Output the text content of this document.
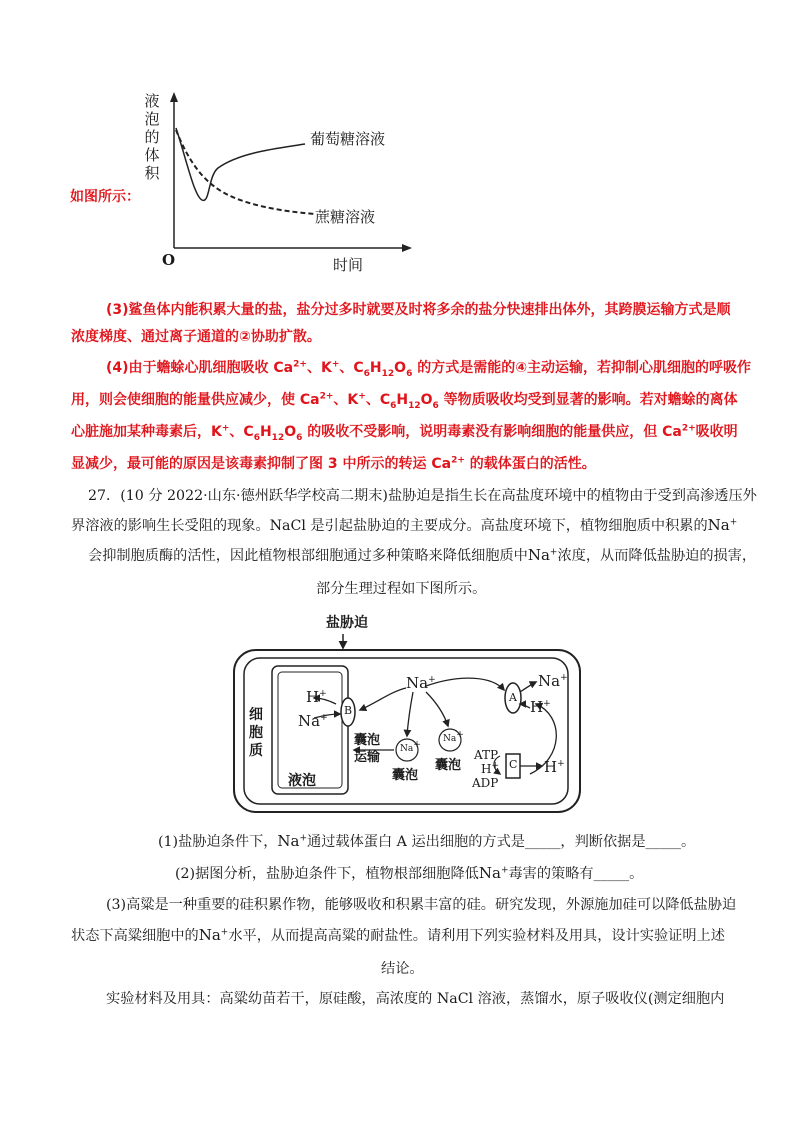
液
泡
的
体
积
葡萄糖溶液
蔗糖溶液
O	时间
如图所示：
(3)鲨鱼体内能积累大量的盐，盐分过多时就要及时将多余的盐分快速排出体外，其跨膜运输方式是顺
浓度梯度、通过离子通道的②协助扩散。
(4)由于蟾蜍心肌细胞吸收 $Ca^{2+}$、K+、$C_6H_{12}O_6$ 的方式是需能的④主动运输，若抑制心肌细胞的呼吸作
用，则会使细胞的能量供应减少，使 $Ca^{2+}$、K+、$C_6H_{12}O_6$ 等物质吸收均受到显著的影响。若对蟾蜍的离体
心脏施加某种毒素后，K+、$C_6H_{12}O_6$ 的吸收不受影响，说明毒素没有影响细胞的能量供应，但 $Ca^{2+}$吸收明
显减少，最可能的原因是该毒素抑制了图 3 中所示的转运 $Ca^{2+}$ 的载体蛋白的活性。
27．(10 分 2022·山东·德州跃华学校高二期末)盐胁迫是指生长在高盐度环境中的植物由于受到高渗透压外
界溶液的影响生长受阻的现象。NaCl 是引起盐胁迫的主要成分。高盐度环境下，植物细胞质中积累的Na+
会抑制胞质酶的活性，因此植物根部细胞通过多种策略来降低细胞质中Na+浓度，从而降低盐胁迫的损害，
部分生理过程如下图所示。
盐胁迫
细
胞
质
液泡
B
H+
Na+
Na+
Na+
Na+
囊泡
运输
囊泡
囊泡
A
Na+
H+
C
ATP
H+
ADP
H+
(1)盐胁迫条件下，Na+通过载体蛋白 A 运出细胞的方式是_____，判断依据是_____。
(2)据图分析，盐胁迫条件下，植物根部细胞降低Na+毒害的策略有_____。
(3)高粱是一种重要的硅积累作物，能够吸收和积累丰富的硅。研究发现，外源施加硅可以降低盐胁迫
状态下高粱细胞中的Na+水平，从而提高高粱的耐盐性。请利用下列实验材料及用具，设计实验证明上述
结论。
实验材料及用具：高粱幼苗若干，原硅酸，高浓度的 NaCl 溶液，蒸馏水，原子吸收仪(测定细胞内
